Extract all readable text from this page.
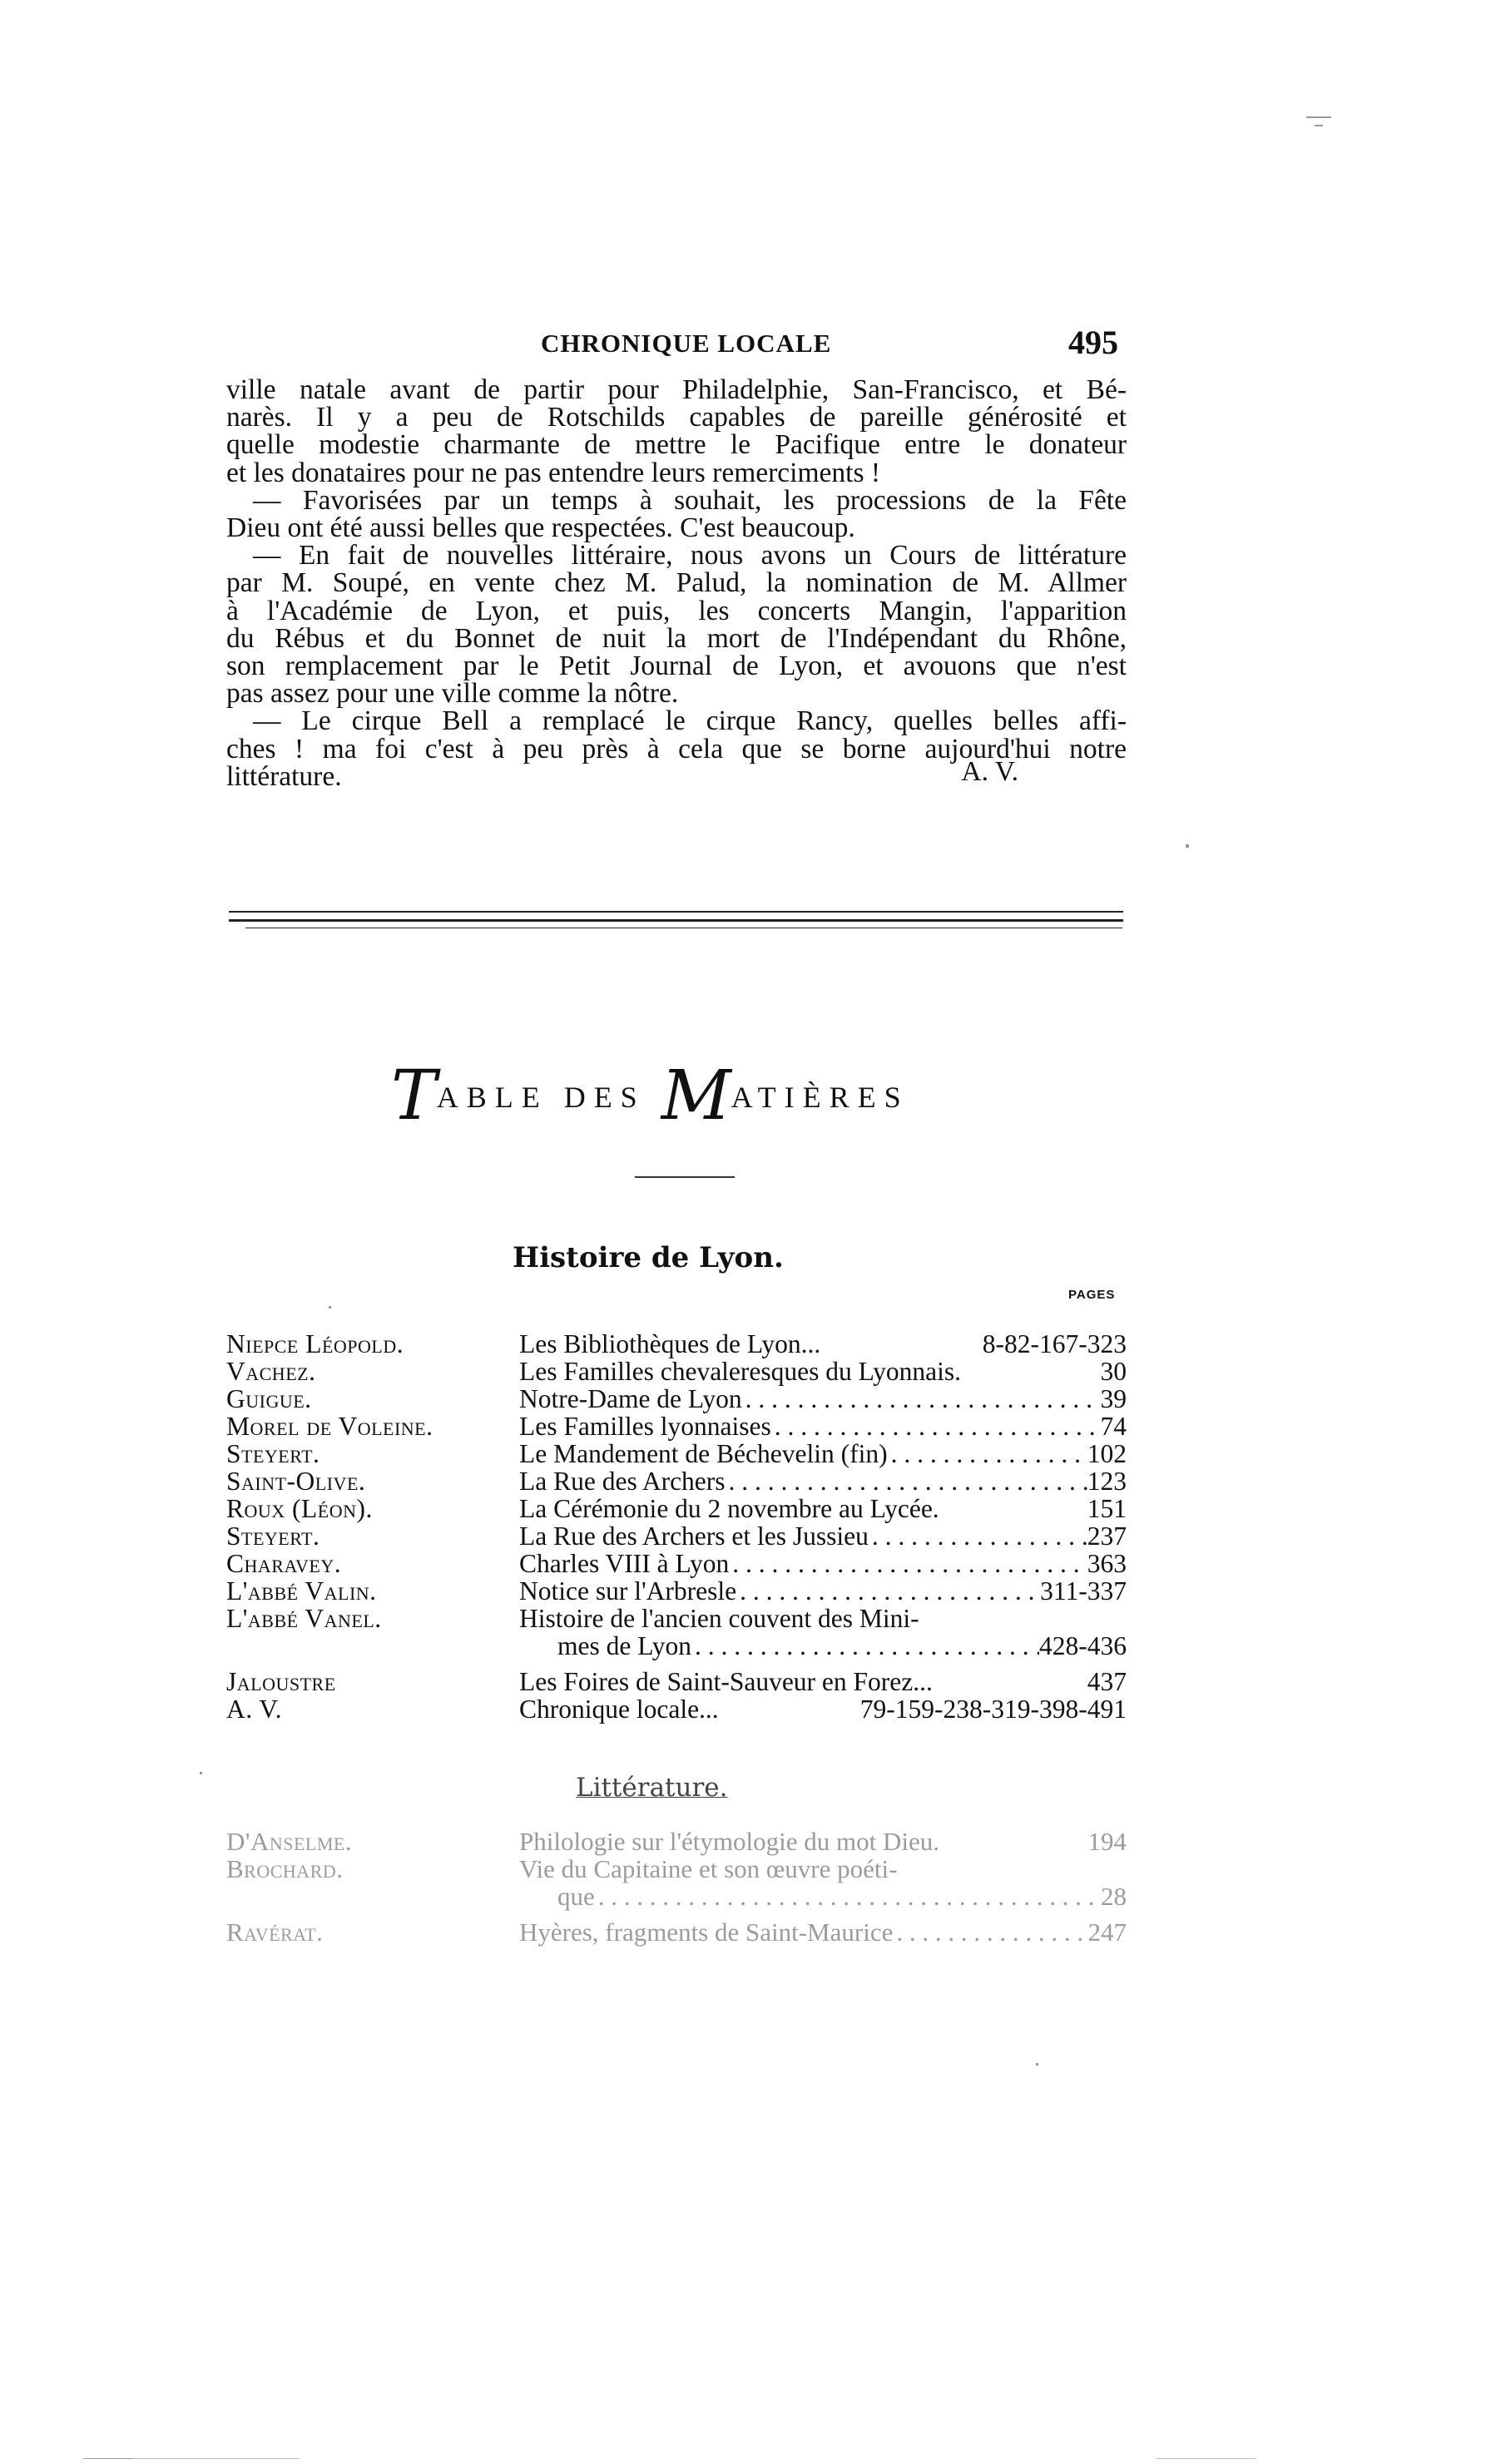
CHRONIQUE LOCALE	495
ville natale avant de partir pour Philadelphie, San-Francisco, et Bé-
narès. Il y a peu de Rotschilds capables de pareille générosité et
quelle modestie charmante de mettre le Pacifique entre le donateur
et les donataires pour ne pas entendre leurs remerciments !
— Favorisées par un temps à souhait, les processions de la Fête
Dieu ont été aussi belles que respectées. C'est beaucoup.
— En fait de nouvelles littéraire, nous avons un Cours de littérature
par M. Soupé, en vente chez M. Palud, la nomination de M. Allmer
à l'Académie de Lyon, et puis, les concerts Mangin, l'apparition
du Rébus et du Bonnet de nuit la mort de l'Indépendant du Rhône,
son remplacement par le Petit Journal de Lyon, et avouons que n'est
pas assez pour une ville comme la nôtre.
— Le cirque Bell a remplacé le cirque Rancy, quelles belles affi-
ches ! ma foi c'est à peu près à cela que se borne aujourd'hui notre
littérature.	A. V.
TABLE DES MATIÈRES
Histoire de Lyon.
PAGES
Niepce Léopold.	Les Bibliothèques de Lyon...	8-82-167-323
Vachez.	Les Familles chevaleresques du Lyonnais.	30
Guigue.	Notre-Dame de Lyon . . .	39
Morel de Voleine.	Les Familles lyonnaises . . .	74
Steyert.	Le Mandement de Béchevelin (fin) . . .	102
Saint-Olive.	La Rue des Archers . . .	123
Roux (Léon).	La Cérémonie du 2 novembre au Lycée.	151
Steyert.	La Rue des Archers et les Jussieu . . .	237
Charavey.	Charles VIII à Lyon . . .	363
L'abbé Valin.	Notice sur l'Arbresle . . .	311-337
L'abbé Vanel.	Histoire de l'ancien couvent des Mini-
mes de Lyon . . .	428-436
Jaloustre	Les Foires de Saint-Sauveur en Forez...	437
A. V.	Chronique locale...	79-159-238-319-398-491
Littérature.
D'Anselme.	Philologie sur l'étymologie du mot Dieu.	194
Brochard.	Vie du Capitaine et son œuvre poéti-
que . . .	28
Ravérat.	Hyères, fragments de Saint-Maurice . . .	247
